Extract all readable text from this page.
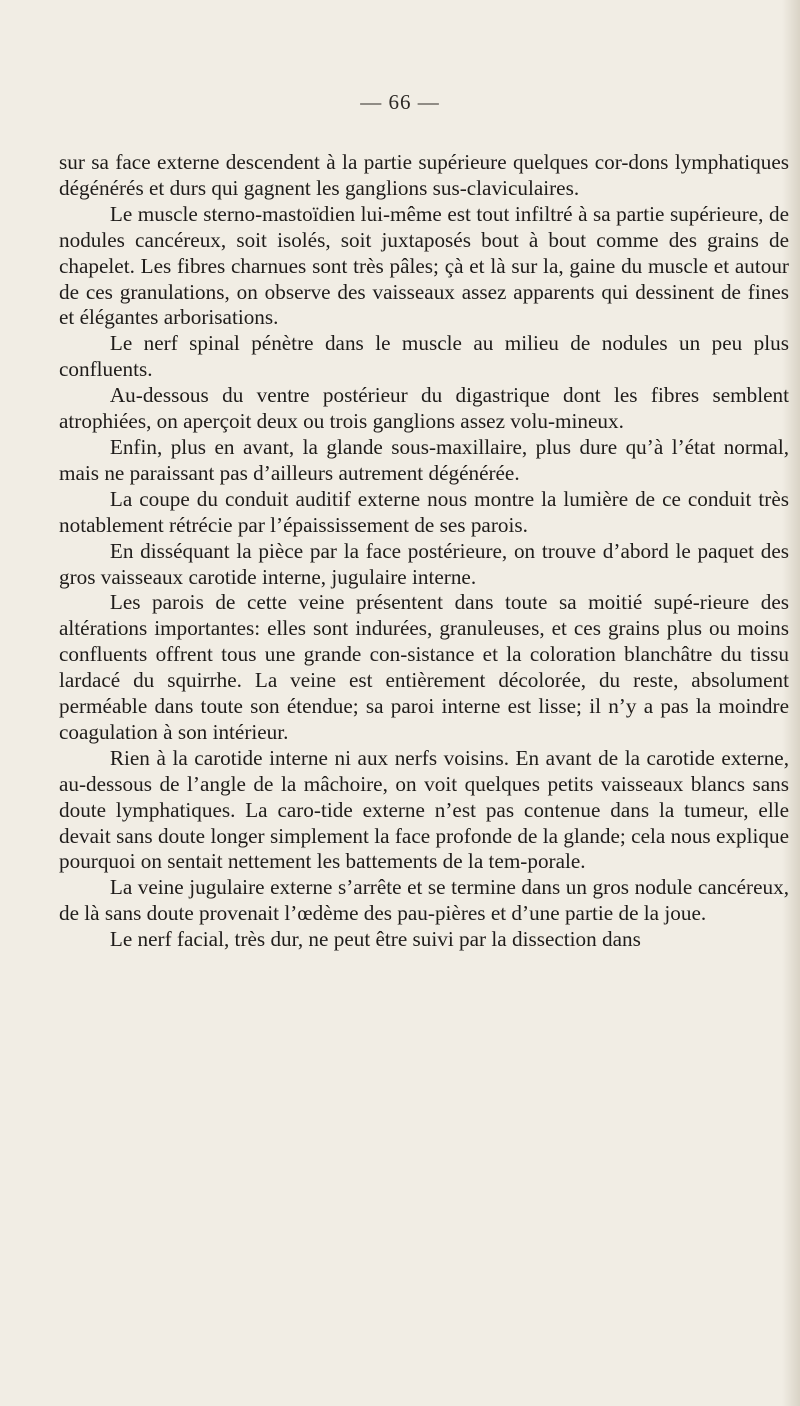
— 66 —

sur sa face externe descendent à la partie supérieure quelques cor-dons lymphatiques dégénérés et durs qui gagnent les ganglions sus-claviculaires.

Le muscle sterno-mastoïdien lui-même est tout infiltré à sa partie supérieure, de nodules cancéreux, soit isolés, soit juxtaposés bout à bout comme des grains de chapelet. Les fibres charnues sont très pâles; çà et là sur la, gaine du muscle et autour de ces granulations, on observe des vaisseaux assez apparents qui dessinent de fines et élégantes arborisations.

Le nerf spinal pénètre dans le muscle au milieu de nodules un peu plus confluents.

Au-dessous du ventre postérieur du digastrique dont les fibres semblent atrophiées, on aperçoit deux ou trois ganglions assez volu-mineux.

Enfin, plus en avant, la glande sous-maxillaire, plus dure qu’à l’état normal, mais ne paraissant pas d’ailleurs autrement dégénérée.

La coupe du conduit auditif externe nous montre la lumière de ce conduit très notablement rétrécie par l’épaississement de ses parois.

En disséquant la pièce par la face postérieure, on trouve d’abord le paquet des gros vaisseaux carotide interne, jugulaire interne.

Les parois de cette veine présentent dans toute sa moitié supé-rieure des altérations importantes: elles sont indurées, granuleuses, et ces grains plus ou moins confluents offrent tous une grande con-sistance et la coloration blanchâtre du tissu lardacé du squirrhe. La veine est entièrement décolorée, du reste, absolument perméable dans toute son étendue; sa paroi interne est lisse; il n’y a pas la moindre coagulation à son intérieur.

Rien à la carotide interne ni aux nerfs voisins. En avant de la carotide externe, au-dessous de l’angle de la mâchoire, on voit quelques petits vaisseaux blancs sans doute lymphatiques. La caro-tide externe n’est pas contenue dans la tumeur, elle devait sans doute longer simplement la face profonde de la glande; cela nous explique pourquoi on sentait nettement les battements de la tem-porale.

La veine jugulaire externe s’arrête et se termine dans un gros nodule cancéreux, de là sans doute provenait l’œdème des pau-pières et d’une partie de la joue.

Le nerf facial, très dur, ne peut être suivi par la dissection dans
